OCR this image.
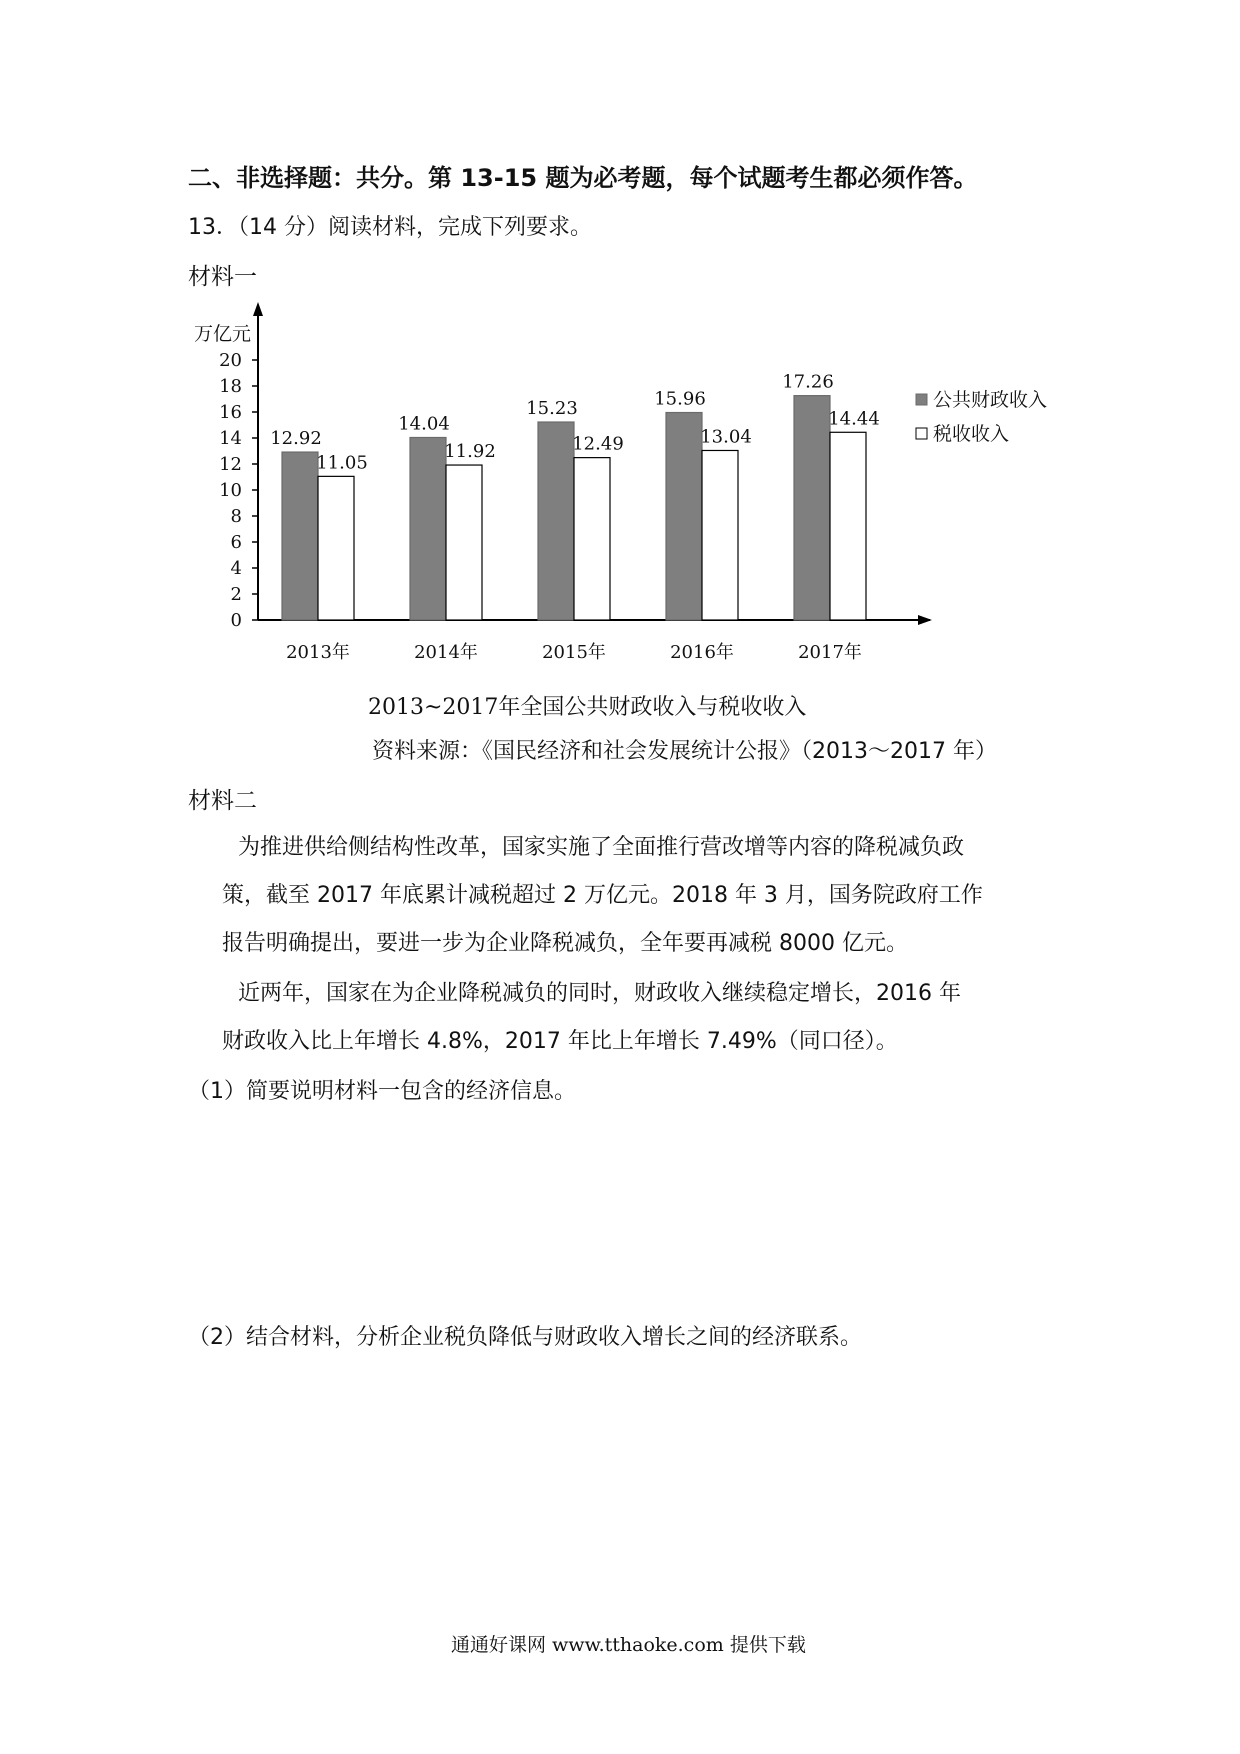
二、非选择题：共分。第 13-15 题为必考题，每个试题考生都必须作答。
13．（14 分）阅读材料，完成下列要求。
材料一
万亿元
0
2
4
6
8
10
12
14
16
18
20
12.92
11.05
2013年
14.04
11.92
2014年
15.23
12.49
2015年
15.96
13.04
2016年
17.26
14.44
2017年
公共财政收入
税收收入
2013~2017年全国公共财政收入与税收收入
资料来源：《国民经济和社会发展统计公报》（2013～2017 年）
材料二
为推进供给侧结构性改革，国家实施了全面推行营改增等内容的降税减负政
策，截至 2017 年底累计减税超过 2 万亿元。2018 年 3 月，国务院政府工作
报告明确提出，要进一步为企业降税减负，全年要再减税 8000 亿元。
近两年，国家在为企业降税减负的同时，财政收入继续稳定增长，2016 年
财政收入比上年增长 4.8%，2017 年比上年增长 7.49%（同口径）。
（1）简要说明材料一包含的经济信息。
（2）结合材料，分析企业税负降低与财政收入增长之间的经济联系。
通通好课网 www.tthaoke.com 提供下载
